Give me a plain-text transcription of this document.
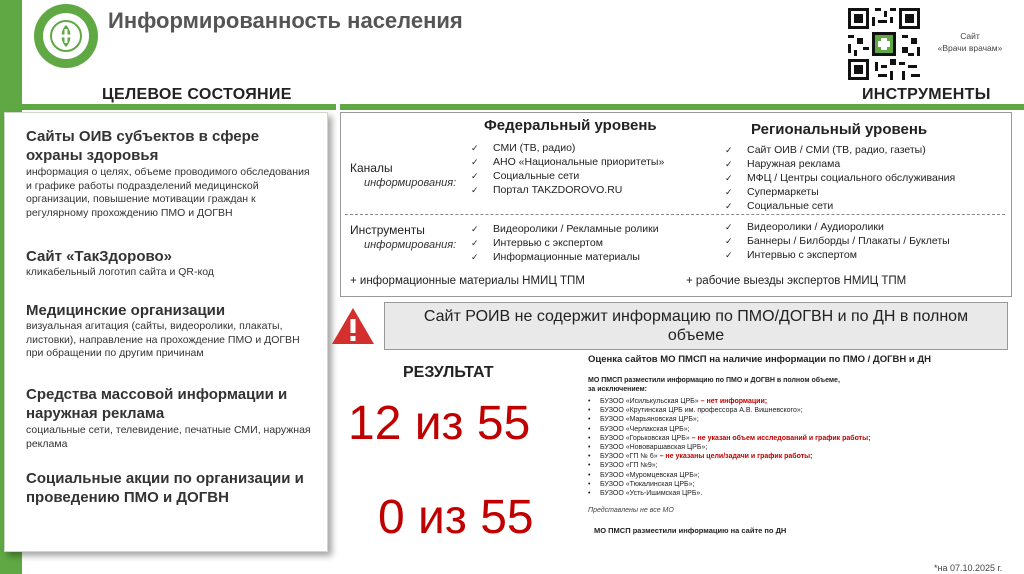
Информированность населения
Сайт
«Врачи врачам»
ЦЕЛЕВОЕ СОСТОЯНИЕ	ИНСТРУМЕНТЫ
Сайты ОИВ субъектов в сфере охраны здоровья
информация о целях, объеме проводимого обследования и графике работы подразделений медицинской организации, повышение мотивации граждан к регулярному прохождению ПМО и ДОГВН
Сайт «ТакЗдорово»
кликабельный логотип сайта и QR-код
Медицинские организации
визуальная агитация (сайты, видеоролики, плакаты, листовки), направление на прохождение ПМО и ДОГВН при обращении по другим причинам
Средства массовой информации и наружная реклама
социальные сети, телевидение, печатные СМИ, наружная реклама
Социальные акции по организации и проведению ПМО и ДОГВН
Федеральный уровень	Региональный уровень
Каналы
информирования:
✓ СМИ (ТВ, радио)
✓ АНО «Национальные приоритеты»
✓ Социальные сети
✓ Портал TAKZDOROVO.RU
✓ Сайт ОИВ / СМИ (ТВ, радио, газеты)
✓ Наружная реклама
✓ МФЦ / Центры социального обслуживания
✓ Супермаркеты
✓ Социальные сети
Инструменты
информирования:
✓ Видеоролики / Рекламные ролики
✓ Интервью с экспертом
✓ Информационные материалы
✓ Видеоролики / Аудиоролики
✓ Баннеры / Билборды / Плакаты / Буклеты
✓ Интервью с экспертом
+ информационные материалы НМИЦ ТПМ	+ рабочие выезды экспертов НМИЦ ТПМ
Сайт РОИВ не содержит информацию по ПМО/ДОГВН и по ДН в полном объеме
РЕЗУЛЬТАТ
12 из 55
0 из 55
Оценка сайтов МО ПМСП на наличие информации по ПМО / ДОГВН и ДН
МО ПМСП разместили информацию по ПМО и ДОГВН в полном объеме,
за исключением:
• БУЗОО «Исилькульская ЦРБ» – нет информации;
• БУЗОО «Крутинская ЦРБ им. профессора А.В. Вишневского»;
• БУЗОО «Марьяновская ЦРБ»;
• БУЗОО «Черлакская ЦРБ»;
• БУЗОО «Горьковская ЦРБ» – не указан объем исследований и график работы;
• БУЗОО «Нововаршавская ЦРБ»;
• БУЗОО «ГП № 6» – не указаны цели/задачи и график работы;
• БУЗОО «ГП №9»;
• БУЗОО «Муромцевская ЦРБ»;
• БУЗОО «Тюкалинская ЦРБ»;
• БУЗОО «Усть-Ишимская ЦРБ».
Представлены не все МО
МО ПМСП разместили информацию на сайте по ДН
*на 07.10.2025 г.
